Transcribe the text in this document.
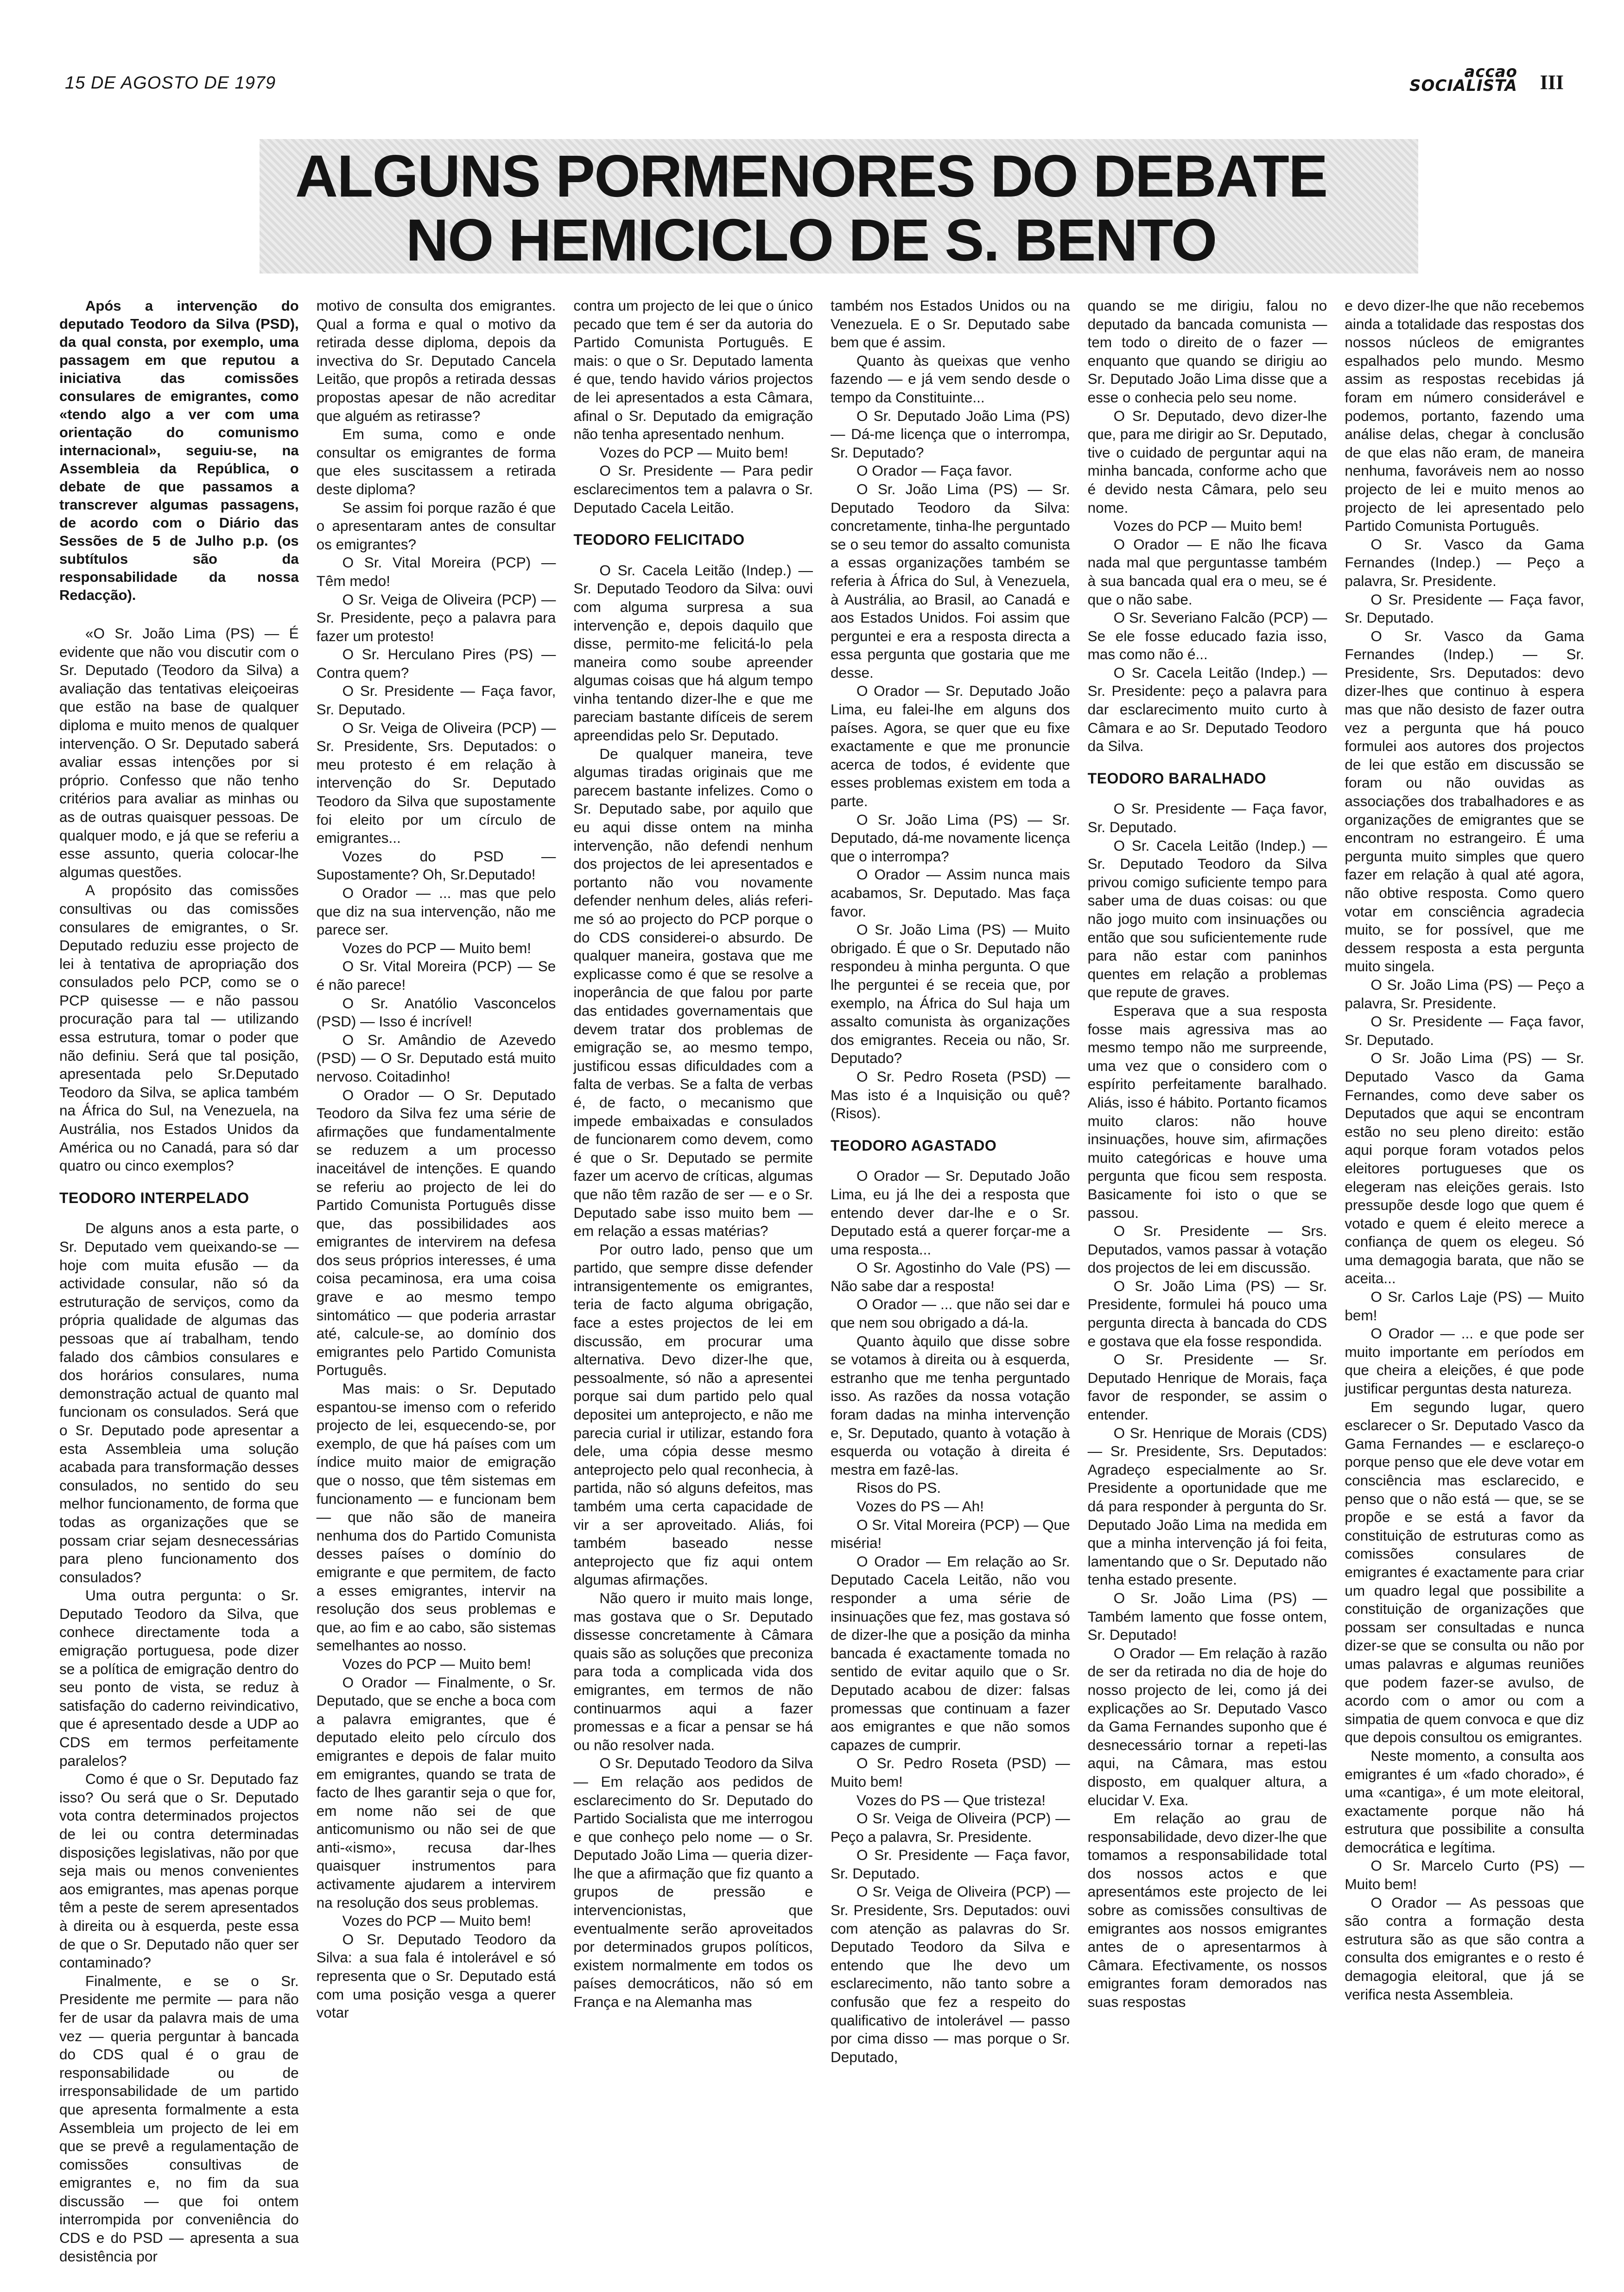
15 DE AGOSTO DE 1979
accao
SOCIALISTA III
ALGUNS PORMENORES DO DEBATE
NO HEMICICLO DE S. BENTO

Após a intervenção do deputado Teodoro da Silva (PSD), da qual consta, por exemplo, uma passagem em que reputou a iniciativa das comissões consulares de emigrantes, como «tendo algo a ver com uma orientação do comunismo internacional», seguiu-se, na Assembleia da República, o debate de que passamos a transcrever algumas passagens, de acordo com o Diário das Sessões de 5 de Julho p.p. (os subtítulos são da responsabilidade da nossa Redacção).

«O Sr. João Lima (PS) — É evidente que não vou discutir com o Sr. Deputado (Teodoro da Silva) a avaliação das tentativas eleiçoeiras que estão na base de qualquer diploma e muito menos de qualquer intervenção. O Sr. Deputado saberá avaliar essas intenções por si próprio. Confesso que não tenho critérios para avaliar as minhas ou as de outras quaisquer pessoas. De qualquer modo, e já que se referiu a esse assunto, queria colocar-lhe algumas questões.

A propósito das comissões consultivas ou das comissões consulares de emigrantes, o Sr. Deputado reduziu esse projecto de lei à tentativa de apropriação dos consulados pelo PCP, como se o PCP quisesse — e não passou procuração para tal — utilizando essa estrutura, tomar o poder que não definiu. Será que tal posição, apresentada pelo Sr.Deputado Teodoro da Silva, se aplica também na África do Sul, na Venezuela, na Austrália, nos Estados Unidos da América ou no Canadá, para só dar quatro ou cinco exemplos?

TEODORO INTERPELADO

De alguns anos a esta parte, o Sr. Deputado vem queixando-se — hoje com muita efusão — da actividade consular, não só da estruturação de serviços, como da própria qualidade de algumas das pessoas que aí trabalham, tendo falado dos câmbios consulares e dos horários consulares, numa demonstração actual de quanto mal funcionam os consulados. Será que o Sr. Deputado pode apresentar a esta Assembleia uma solução acabada para transformação desses consulados, no sentido do seu melhor funcionamento, de forma que todas as organizações que se possam criar sejam desnecessárias para pleno funcionamento dos consulados?

Uma outra pergunta: o Sr. Deputado Teodoro da Silva, que conhece directamente toda a emigração portuguesa, pode dizer se a política de emigração dentro do seu ponto de vista, se reduz à satisfação do caderno reivindicativo, que é apresentado desde a UDP ao CDS em termos perfeitamente paralelos?

Como é que o Sr. Deputado faz isso? Ou será que o Sr. Deputado vota contra determinados projectos de lei ou contra determinadas disposições legislativas, não por que seja mais ou menos convenientes aos emigrantes, mas apenas porque têm a peste de serem apresentados à direita ou à esquerda, peste essa de que o Sr. Deputado não quer ser contaminado?

Finalmente, e se o Sr. Presidente me permite — para não fer de usar da palavra mais de uma vez — queria perguntar à bancada do CDS qual é o grau de responsabilidade ou de irresponsabilidade de um partido que apresenta formalmente a esta Assembleia um projecto de lei em que se prevê a regulamentação de comissões consultivas de emigrantes e, no fim da sua discussão — que foi ontem interrompida por conveniência do CDS e do PSD — apresenta a sua desistência por

motivo de consulta dos emigrantes. Qual a forma e qual o motivo da retirada desse diploma, depois da invectiva do Sr. Deputado Cancela Leitão, que propôs a retirada dessas propostas apesar de não acreditar que alguém as retirasse?

Em suma, como e onde consultar os emigrantes de forma que eles suscitassem a retirada deste diploma?

Se assim foi porque razão é que o apresentaram antes de consultar os emigrantes?

O Sr. Vital Moreira (PCP) — Têm medo!

O Sr. Veiga de Oliveira (PCP) — Sr. Presidente, peço a palavra para fazer um protesto!

O Sr. Herculano Pires (PS) — Contra quem?

O Sr. Presidente — Faça favor, Sr. Deputado.

O Sr. Veiga de Oliveira (PCP) — Sr. Presidente, Srs. Deputados: o meu protesto é em relação à intervenção do Sr. Deputado Teodoro da Silva que supostamente foi eleito por um círculo de emigrantes...

Vozes do PSD — Supostamente? Oh, Sr.Deputado!

O Orador — ... mas que pelo que diz na sua intervenção, não me parece ser.

Vozes do PCP — Muito bem!

O Sr. Vital Moreira (PCP) — Se é não parece!

O Sr. Anatólio Vasconcelos (PSD) — Isso é incrível!

O Sr. Amândio de Azevedo (PSD) — O Sr. Deputado está muito nervoso. Coitadinho!

O Orador — O Sr. Deputado Teodoro da Silva fez uma série de afirmações que fundamentalmente se reduzem a um processo inaceitável de intenções. E quando se referiu ao projecto de lei do Partido Comunista Português disse que, das possibilidades aos emigrantes de intervirem na defesa dos seus próprios interesses, é uma coisa pecaminosa, era uma coisa grave e ao mesmo tempo sintomático — que poderia arrastar até, calcule-se, ao domínio dos emigrantes pelo Partido Comunista Português.

Mas mais: o Sr. Deputado espantou-se imenso com o referido projecto de lei, esquecendo-se, por exemplo, de que há países com um índice muito maior de emigração que o nosso, que têm sistemas em funcionamento — e funcionam bem — que não são de maneira nenhuma dos do Partido Comunista desses países o domínio do emigrante e que permitem, de facto a esses emigrantes, intervir na resolução dos seus problemas e que, ao fim e ao cabo, são sistemas semelhantes ao nosso.

Vozes do PCP — Muito bem!

O Orador — Finalmente, o Sr. Deputado, que se enche a boca com a palavra emigrantes, que é deputado eleito pelo círculo dos emigrantes e depois de falar muito em emigrantes, quando se trata de facto de lhes garantir seja o que for, em nome não sei de que anticomunismo ou não sei de que anti-«ismo», recusa dar-lhes quaisquer instrumentos para activamente ajudarem a intervirem na resolução dos seus problemas.

Vozes do PCP — Muito bem!

O Sr. Deputado Teodoro da Silva: a sua fala é intolerável e só representa que o Sr. Deputado está com uma posição vesga a querer votar

contra um projecto de lei que o único pecado que tem é ser da autoria do Partido Comunista Português. E mais: o que o Sr. Deputado lamenta é que, tendo havido vários projectos de lei apresentados a esta Câmara, afinal o Sr. Deputado da emigração não tenha apresentado nenhum.

Vozes do PCP — Muito bem!

O Sr. Presidente — Para pedir esclarecimentos tem a palavra o Sr. Deputado Cacela Leitão.

TEODORO FELICITADO

O Sr. Cacela Leitão (Indep.) — Sr. Deputado Teodoro da Silva: ouvi com alguma surpresa a sua intervenção e, depois daquilo que disse, permito-me felicitá-lo pela maneira como soube apreender algumas coisas que há algum tempo vinha tentando dizer-lhe e que me pareciam bastante difíceis de serem apreendidas pelo Sr. Deputado.

De qualquer maneira, teve algumas tiradas originais que me parecem bastante infelizes. Como o Sr. Deputado sabe, por aquilo que eu aqui disse ontem na minha intervenção, não defendi nenhum dos projectos de lei apresentados e portanto não vou novamente defender nenhum deles, aliás referi-me só ao projecto do PCP porque o do CDS considerei-o absurdo. De qualquer maneira, gostava que me explicasse como é que se resolve a inoperância de que falou por parte das entidades governamentais que devem tratar dos problemas de emigração se, ao mesmo tempo, justificou essas dificuldades com a falta de verbas. Se a falta de verbas é, de facto, o mecanismo que impede embaixadas e consulados de funcionarem como devem, como é que o Sr. Deputado se permite fazer um acervo de críticas, algumas que não têm razão de ser — e o Sr. Deputado sabe isso muito bem — em relação a essas matérias?

Por outro lado, penso que um partido, que sempre disse defender intransigentemente os emigrantes, teria de facto alguma obrigação, face a estes projectos de lei em discussão, em procurar uma alternativa. Devo dizer-lhe que, pessoalmente, só não a apresentei porque sai dum partido pelo qual depositei um anteprojecto, e não me parecia curial ir utilizar, estando fora dele, uma cópia desse mesmo anteprojecto pelo qual reconhecia, à partida, não só alguns defeitos, mas também uma certa capacidade de vir a ser aproveitado. Aliás, foi também baseado nesse anteprojecto que fiz aqui ontem algumas afirmações.

Não quero ir muito mais longe, mas gostava que o Sr. Deputado dissesse concretamente à Câmara quais são as soluções que preconiza para toda a complicada vida dos emigrantes, em termos de não continuarmos aqui a fazer promessas e a ficar a pensar se há ou não resolver nada.

O Sr. Deputado Teodoro da Silva — Em relação aos pedidos de esclarecimento do Sr. Deputado do Partido Socialista que me interrogou e que conheço pelo nome — o Sr. Deputado João Lima — queria dizer-lhe que a afirmação que fiz quanto a grupos de pressão e intervencionistas, que eventualmente serão aproveitados por determinados grupos políticos, existem normalmente em todos os países democráticos, não só em França e na Alemanha mas

também nos Estados Unidos ou na Venezuela. E o Sr. Deputado sabe bem que é assim.

Quanto às queixas que venho fazendo — e já vem sendo desde o tempo da Constituinte...

O Sr. Deputado João Lima (PS) — Dá-me licença que o interrompa, Sr. Deputado?

O Orador — Faça favor.

O Sr. João Lima (PS) — Sr. Deputado Teodoro da Silva: concretamente, tinha-lhe perguntado se o seu temor do assalto comunista a essas organizações também se referia à África do Sul, à Venezuela, à Austrália, ao Brasil, ao Canadá e aos Estados Unidos. Foi assim que perguntei e era a resposta directa a essa pergunta que gostaria que me desse.

O Orador — Sr. Deputado João Lima, eu falei-lhe em alguns dos países. Agora, se quer que eu fixe exactamente e que me pronuncie acerca de todos, é evidente que esses problemas existem em toda a parte.

O Sr. João Lima (PS) — Sr. Deputado, dá-me novamente licença que o interrompa?

O Orador — Assim nunca mais acabamos, Sr. Deputado. Mas faça favor.

O Sr. João Lima (PS) — Muito obrigado. É que o Sr. Deputado não respondeu à minha pergunta. O que lhe perguntei é se receia que, por exemplo, na África do Sul haja um assalto comunista às organizações dos emigrantes. Receia ou não, Sr. Deputado?

O Sr. Pedro Roseta (PSD) — Mas isto é a Inquisição ou quê? (Risos).

TEODORO AGASTADO

O Orador — Sr. Deputado João Lima, eu já lhe dei a resposta que entendo dever dar-lhe e o Sr. Deputado está a querer forçar-me a uma resposta...

O Sr. Agostinho do Vale (PS) — Não sabe dar a resposta!

O Orador — ... que não sei dar e que nem sou obrigado a dá-la.

Quanto àquilo que disse sobre se votamos à direita ou à esquerda, estranho que me tenha perguntado isso. As razões da nossa votação foram dadas na minha intervenção e, Sr. Deputado, quanto à votação à esquerda ou votação à direita é mestra em fazê-las.

Risos do PS.

Vozes do PS — Ah!

O Sr. Vital Moreira (PCP) — Que miséria!

O Orador — Em relação ao Sr. Deputado Cacela Leitão, não vou responder a uma série de insinuações que fez, mas gostava só de dizer-lhe que a posição da minha bancada é exactamente tomada no sentido de evitar aquilo que o Sr. Deputado acabou de dizer: falsas promessas que continuam a fazer aos emigrantes e que não somos capazes de cumprir.

O Sr. Pedro Roseta (PSD) — Muito bem!

Vozes do PS — Que tristeza!

O Sr. Veiga de Oliveira (PCP) — Peço a palavra, Sr. Presidente.

O Sr. Presidente — Faça favor, Sr. Deputado.

O Sr. Veiga de Oliveira (PCP) — Sr. Presidente, Srs. Deputados: ouvi com atenção as palavras do Sr. Deputado Teodoro da Silva e entendo que lhe devo um esclarecimento, não tanto sobre a confusão que fez a respeito do qualificativo de intolerável — passo por cima disso — mas porque o Sr. Deputado,

quando se me dirigiu, falou no deputado da bancada comunista — tem todo o direito de o fazer — enquanto que quando se dirigiu ao Sr. Deputado João Lima disse que a esse o conhecia pelo seu nome.

O Sr. Deputado, devo dizer-lhe que, para me dirigir ao Sr. Deputado, tive o cuidado de perguntar aqui na minha bancada, conforme acho que é devido nesta Câmara, pelo seu nome.

Vozes do PCP — Muito bem!

O Orador — E não lhe ficava nada mal que perguntasse também à sua bancada qual era o meu, se é que o não sabe.

O Sr. Severiano Falcão (PCP) — Se ele fosse educado fazia isso, mas como não é...

O Sr. Cacela Leitão (Indep.) — Sr. Presidente: peço a palavra para dar esclarecimento muito curto à Câmara e ao Sr. Deputado Teodoro da Silva.

TEODORO BARALHADO

O Sr. Presidente — Faça favor, Sr. Deputado.

O Sr. Cacela Leitão (Indep.) — Sr. Deputado Teodoro da Silva privou comigo suficiente tempo para saber uma de duas coisas: ou que não jogo muito com insinuações ou então que sou suficientemente rude para não estar com paninhos quentes em relação a problemas que repute de graves.

Esperava que a sua resposta fosse mais agressiva mas ao mesmo tempo não me surpreende, uma vez que o considero com o espírito perfeitamente baralhado. Aliás, isso é hábito. Portanto ficamos muito claros: não houve insinuações, houve sim, afirmações muito categóricas e houve uma pergunta que ficou sem resposta. Basicamente foi isto o que se passou.

O Sr. Presidente — Srs. Deputados, vamos passar à votação dos projectos de lei em discussão.

O Sr. João Lima (PS) — Sr. Presidente, formulei há pouco uma pergunta directa à bancada do CDS e gostava que ela fosse respondida.

O Sr. Presidente — Sr. Deputado Henrique de Morais, faça favor de responder, se assim o entender.

O Sr. Henrique de Morais (CDS) — Sr. Presidente, Srs. Deputados: Agradeço especialmente ao Sr. Presidente a oportunidade que me dá para responder à pergunta do Sr. Deputado João Lima na medida em que a minha intervenção já foi feita, lamentando que o Sr. Deputado não tenha estado presente.

O Sr. João Lima (PS) — Também lamento que fosse ontem, Sr. Deputado!

O Orador — Em relação à razão de ser da retirada no dia de hoje do nosso projecto de lei, como já dei explicações ao Sr. Deputado Vasco da Gama Fernandes suponho que é desnecessário tornar a repeti-las aqui, na Câmara, mas estou disposto, em qualquer altura, a elucidar V. Exa.

Em relação ao grau de responsabilidade, devo dizer-lhe que tomamos a responsabilidade total dos nossos actos e que apresentámos este projecto de lei sobre as comissões consultivas de emigrantes aos nossos emigrantes antes de o apresentarmos à Câmara. Efectivamente, os nossos emigrantes foram demorados nas suas respostas

e devo dizer-lhe que não recebemos ainda a totalidade das respostas dos nossos núcleos de emigrantes espalhados pelo mundo. Mesmo assim as respostas recebidas já foram em número considerável e podemos, portanto, fazendo uma análise delas, chegar à conclusão de que elas não eram, de maneira nenhuma, favoráveis nem ao nosso projecto de lei e muito menos ao projecto de lei apresentado pelo Partido Comunista Português.

O Sr. Vasco da Gama Fernandes (Indep.) — Peço a palavra, Sr. Presidente.

O Sr. Presidente — Faça favor, Sr. Deputado.

O Sr. Vasco da Gama Fernandes (Indep.) — Sr. Presidente, Srs. Deputados: devo dizer-lhes que continuo à espera mas que não desisto de fazer outra vez a pergunta que há pouco formulei aos autores dos projectos de lei que estão em discussão se foram ou não ouvidas as associações dos trabalhadores e as organizações de emigrantes que se encontram no estrangeiro. É uma pergunta muito simples que quero fazer em relação à qual até agora, não obtive resposta. Como quero votar em consciência agradecia muito, se for possível, que me dessem resposta a esta pergunta muito singela.

O Sr. João Lima (PS) — Peço a palavra, Sr. Presidente.

O Sr. Presidente — Faça favor, Sr. Deputado.

O Sr. João Lima (PS) — Sr. Deputado Vasco da Gama Fernandes, como deve saber os Deputados que aqui se encontram estão no seu pleno direito: estão aqui porque foram votados pelos eleitores portugueses que os elegeram nas eleições gerais. Isto pressupõe desde logo que quem é votado e quem é eleito merece a confiança de quem os elegeu. Só uma demagogia barata, que não se aceita...

O Sr. Carlos Laje (PS) — Muito bem!

O Orador — ... e que pode ser muito importante em períodos em que cheira a eleições, é que pode justificar perguntas desta natureza.

Em segundo lugar, quero esclarecer o Sr. Deputado Vasco da Gama Fernandes — e esclareço-o porque penso que ele deve votar em consciência mas esclarecido, e penso que o não está — que, se se propõe e se está a favor da constituição de estruturas como as comissões consulares de emigrantes é exactamente para criar um quadro legal que possibilite a constituição de organizações que possam ser consultadas e nunca dizer-se que se consulta ou não por umas palavras e algumas reuniões que podem fazer-se avulso, de acordo com o amor ou com a simpatia de quem convoca e que diz que depois consultou os emigrantes.

Neste momento, a consulta aos emigrantes é um «fado chorado», é uma «cantiga», é um mote eleitoral, exactamente porque não há estrutura que possibilite a consulta democrática e legítima.

O Sr. Marcelo Curto (PS) — Muito bem!

O Orador — As pessoas que são contra a formação desta estrutura são as que são contra a consulta dos emigrantes e o resto é demagogia eleitoral, que já se verifica nesta Assembleia.
